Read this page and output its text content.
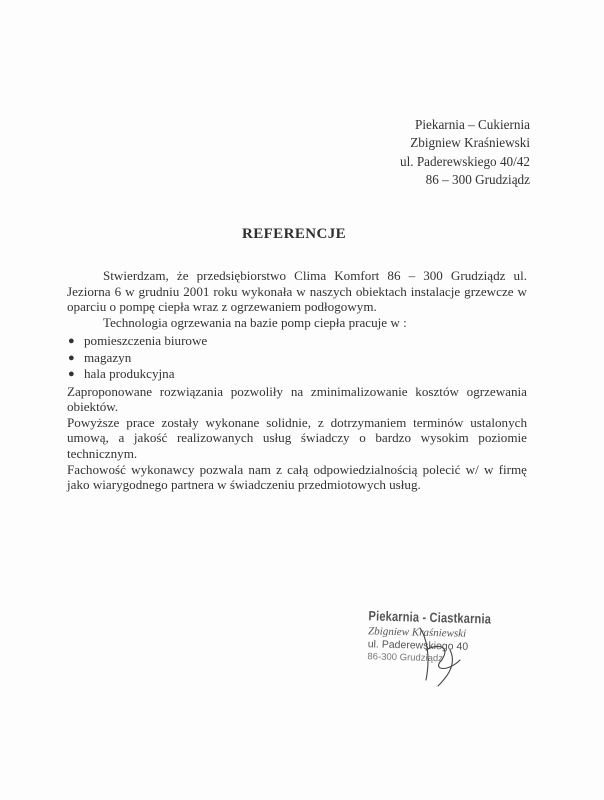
Piekarnia – Cukiernia
Zbigniew Kraśniewski
ul. Paderewskiego 40/42
86 – 300 Grudziądz
REFERENCJE

Stwierdzam, że przedsiębiorstwo Clima Komfort 86 – 300 Grudziądz ul. Jeziorna 6 w grudniu 2001 roku wykonała w naszych obiektach instalacje grzewcze w oparciu o pompę ciepła wraz z ogrzewaniem podłogowym.

Technologia ogrzewania na bazie pomp ciepła pracuje w :

● pomieszczenia biurowe
● magazyn
● hala produkcyjna

Zaproponowane rozwiązania pozwoliły na zminimalizowanie kosztów ogrzewania obiektów.

Powyższe prace zostały wykonane solidnie, z dotrzymaniem terminów ustalonych umową, a jakość realizowanych usług świadczy o bardzo wysokim poziomie technicznym.

Fachowość wykonawcy pozwala nam z całą odpowiedzialnością polecić w/ w firmę jako wiarygodnego partnera w świadczeniu przedmiotowych usług.

Piekarnia - Ciastkarnia
Zbigniew Kraśniewski
ul. Paderewskiego 40
86-300 Grudziądz
